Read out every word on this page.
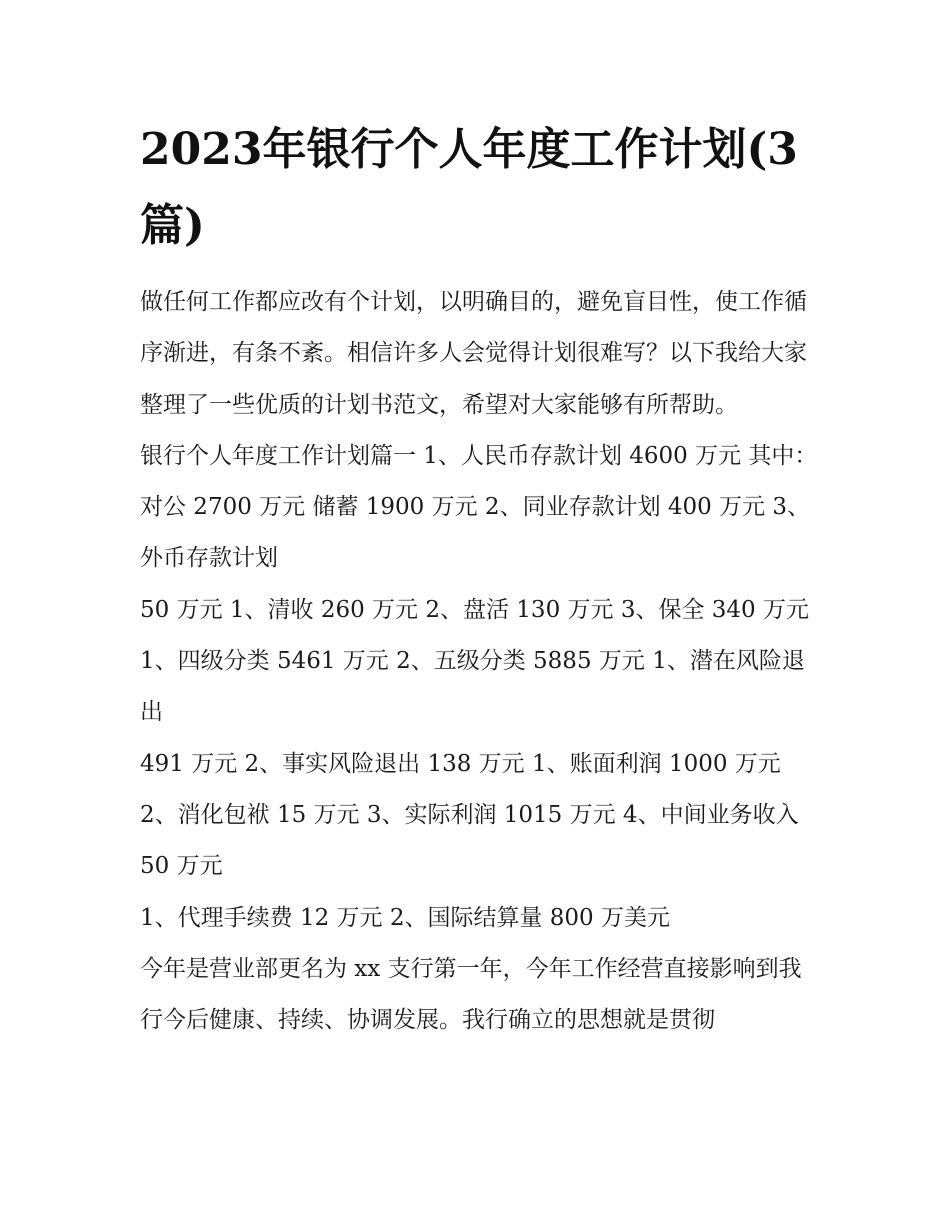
2023年银行个人年度工作计划(3篇)

做任何工作都应改有个计划，以明确目的，避免盲目性，使工作循序渐进，有条不紊。相信许多人会觉得计划很难写？以下我给大家整理了一些优质的计划书范文，希望对大家能够有所帮助。

银行个人年度工作计划篇一 1、人民币存款计划 4600 万元 其中：对公 2700 万元 储蓄 1900 万元 2、同业存款计划 400 万元 3、外币存款计划

50 万元 1、清收 260 万元 2、盘活 130 万元 3、保全 340 万元

1、四级分类 5461 万元 2、五级分类 5885 万元 1、潜在风险退出

491 万元 2、事实风险退出 138 万元 1、账面利润 1000 万元 2、消化包袱 15 万元 3、实际利润 1015 万元 4、中间业务收入 50 万元

1、代理手续费 12 万元 2、国际结算量 800 万美元

今年是营业部更名为 xx 支行第一年，今年工作经营直接影响到我行今后健康、持续、协调发展。我行确立的思想就是贯彻
